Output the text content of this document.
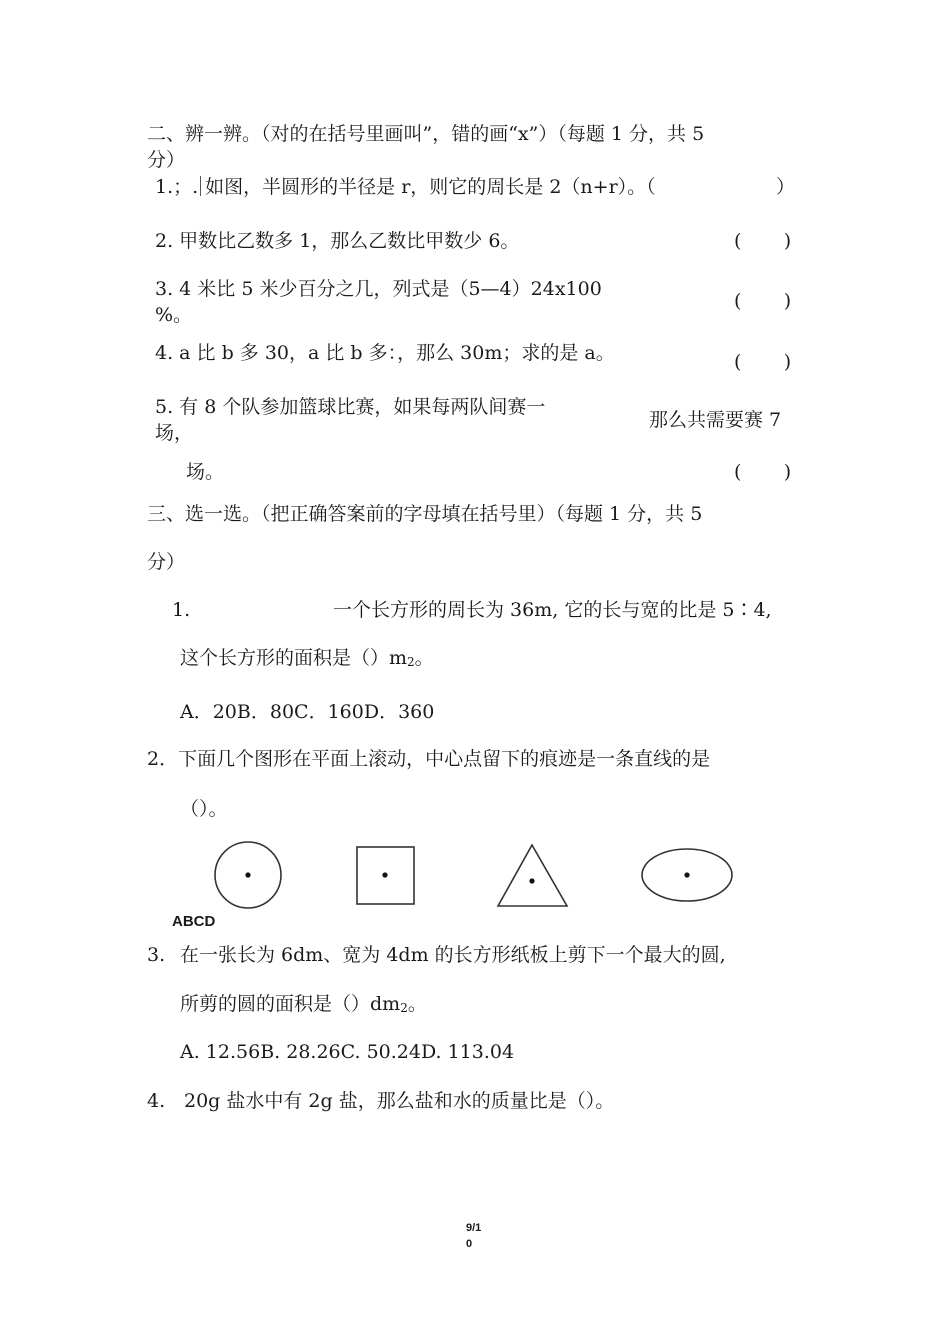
二、辨一辨。（对的在括号里画叫”，错的画“x”）（每题 1 分，共 5
分）
1.；. 如图，半圆形的半径是 r，则它的周长是 2（n+r）。（	）
2. 甲数比乙数多 1，那么乙数比甲数少 6。	(       )
3. 4 米比 5 米少百分之几，列式是（5—4）24x100
%。
(       )
4. a 比 b 多 30，a 比 b 多：，那么 30m；求的是 a。	(       )
5. 有 8 个队参加篮球比赛，如果每两队间赛一
场，
那么共需要赛 7
场。	(       )
三、选一选。（把正确答案前的字母填在括号里）（每题 1 分，共 5
分）
1.	一个长方形的周长为 36m, 它的长与宽的比是 5∶4,
这个长方形的面积是（）m2。
A．20B．80C．160D．360
2．下面几个图形在平面上滚动，中心点留下的痕迹是一条直线的是
（）。
ABCD
3. 在一张长为 6dm、宽为 4dm 的长方形纸板上剪下一个最大的圆,
所剪的圆的面积是（）dm2。
A. 12.56B. 28.26C. 50.24D. 113.04
4. 20g 盐水中有 2g 盐，那么盐和水的质量比是（）。
9/1
0
